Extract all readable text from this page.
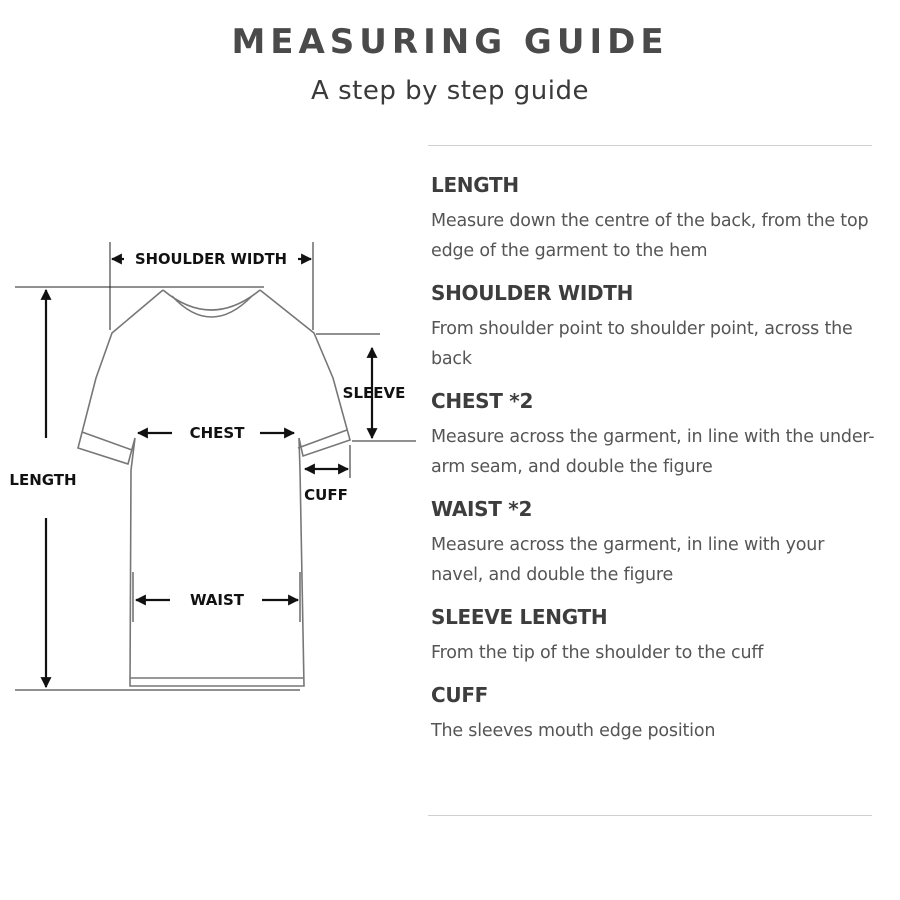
MEASURING GUIDE
A step by step guide
SHOULDER WIDTH
LENGTH
SLEEVE
CHEST
CUFF
WAIST
LENGTH
Measure down the centre of the back, from the top edge of the garment to the hem
SHOULDER WIDTH
From shoulder point to shoulder point, across the back
CHEST *2
Measure across the garment, in line with the under-arm seam, and double the figure
WAIST *2
Measure across the garment, in line with your navel, and double the figure
SLEEVE LENGTH
From the tip of the shoulder to the cuff
CUFF
The sleeves mouth edge position
